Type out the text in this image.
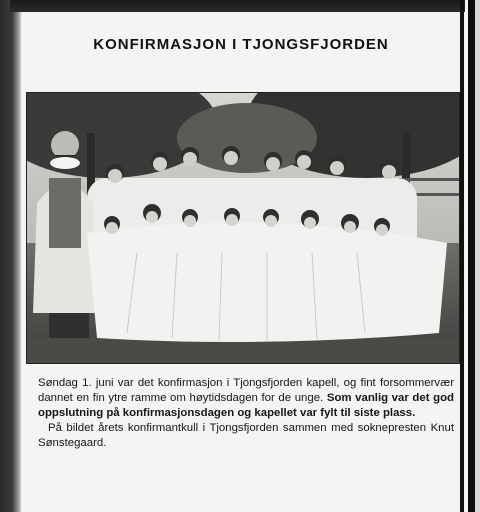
KONFIRMASJON I TJONGSFJORDEN

Søndag 1. juni var det konfirmasjon i Tjongsfjorden kapell, og fint forsommervær dannet en fin ytre ramme om høytidsdagen for de unge. Som vanlig var det god oppslutning på konfirmasjonsdagen og kapellet var fylt til siste plass.

På bildet årets konfirmantkull i Tjongsfjorden sammen med soknepresten Knut Sønstegaard.
